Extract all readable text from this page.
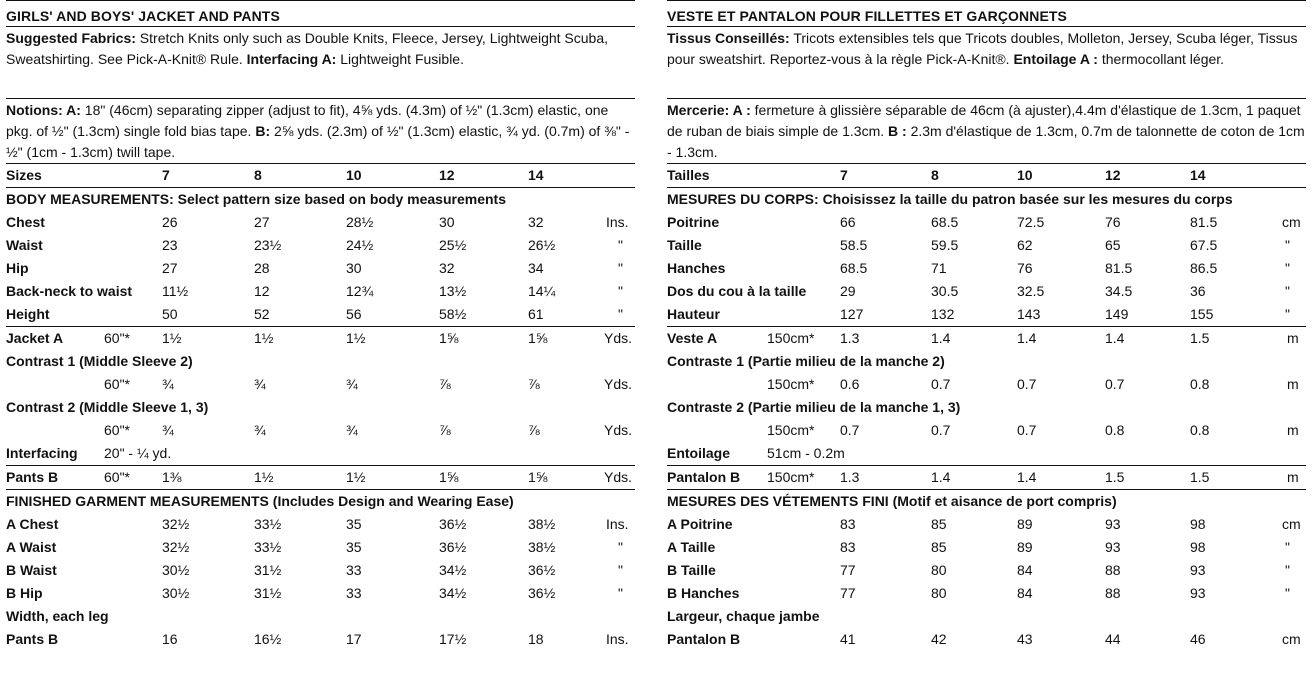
GIRLS' AND BOYS' JACKET AND PANTS
Suggested Fabrics: Stretch Knits only such as Double Knits, Fleece, Jersey, Lightweight Scuba, Sweatshirting. See Pick-A-Knit® Rule. Interfacing A: Lightweight Fusible.
Notions: A: 18" (46cm) separating zipper (adjust to fit), 4⅝ yds. (4.3m) of ½" (1.3cm) elastic, one pkg. of ½" (1.3cm) single fold bias tape. B: 2⅝ yds. (2.3m) of ½" (1.3cm) elastic, ¾ yd. (0.7m) of ⅜" - ½" (1cm - 1.3cm) twill tape.
Sizes	7	8	10	12	14
BODY MEASUREMENTS: Select pattern size based on body measurements
Chest	26	27	28½	30	32	Ins.
Waist	23	23½	24½	25½	26½	"
Hip	27	28	30	32	34	"
Back-neck to waist 11½	12	12¾	13½	14¼	"
Height	50	52	56	58½	61	"
Jacket A	60"* 1½	1½	1½	1⅝	1⅝	Yds.
Contrast 1 (Middle Sleeve 2)
60"* ¾	¾	¾	⅞	⅞	Yds.
Contrast 2 (Middle Sleeve 1, 3)
60"* ¾	¾	¾	⅞	⅞	Yds.
Interfacing 20" - ¼ yd.
Pants B	60"* 1⅜	1½	1½	1⅝	1⅝	Yds.
FINISHED GARMENT MEASUREMENTS (Includes Design and Wearing Ease)
A Chest	32½	33½	35	36½	38½	Ins.
A Waist	32½	33½	35	36½	38½	"
B Waist	30½	31½	33	34½	36½	"
B Hip	30½	31½	33	34½	36½	"
Width, each leg
Pants B	16	16½	17	17½	18	Ins.
VESTE ET PANTALON POUR FILLETTES ET GARÇONNETS
Tissus Conseillés: Tricots extensibles tels que Tricots doubles, Molleton, Jersey, Scuba léger, Tissus pour sweatshirt. Reportez-vous à la règle Pick-A-Knit®. Entoilage A : thermocollant léger.
Mercerie: A : fermeture à glissière séparable de 46cm (à ajuster),4.4m d'élastique de 1.3cm, 1 paquet de ruban de biais simple de 1.3cm. B : 2.3m d'élastique de 1.3cm, 0.7m de talonnette de coton de 1cm - 1.3cm.
Tailles	7	8	10	12	14
MESURES DU CORPS: Choisissez la taille du patron basée sur les mesures du corps
Poitrine	66	68.5	72.5	76	81.5	cm
Taille	58.5	59.5	62	65	67.5	"
Hanches	68.5	71	76	81.5	86.5	"
Dos du cou à la taille 29	30.5	32.5	34.5	36	"
Hauteur	127	132	143	149	155	"
Veste A	150cm* 1.3	1.4	1.4	1.4	1.5	m
Contraste 1 (Partie milieu de la manche 2)
150cm* 0.6	0.7	0.7	0.7	0.8	m
Contraste 2 (Partie milieu de la manche 1, 3)
150cm* 0.7	0.7	0.7	0.8	0.8	m
Entoilage	51cm - 0.2m
Pantalon B 150cm* 1.3	1.4	1.4	1.5	1.5	m
MESURES DES VÉTEMENTS FINI (Motif et aisance de port compris)
A Poitrine	83	85	89	93	98	cm
A Taille	83	85	89	93	98	"
B Taille	77	80	84	88	93	"
B Hanches	77	80	84	88	93	"
Largeur, chaque jambe
Pantalon B	41	42	43	44	46	cm
